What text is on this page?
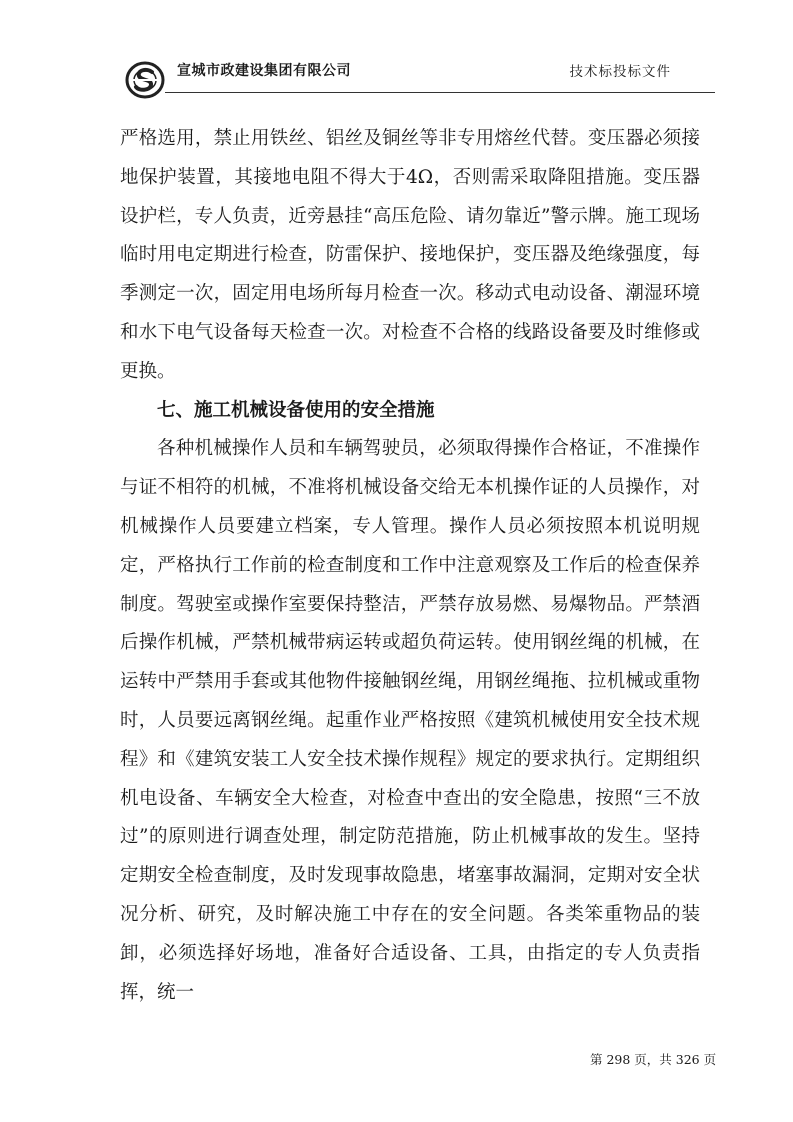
宣城市政建设集团有限公司	技术标投标文件

严格选用，禁止用铁丝、铝丝及铜丝等非专用熔丝代替。变压器必须接地保护装置，其接地电阻不得大于4Ω，否则需采取降阻措施。变压器设护栏，专人负责，近旁悬挂“高压危险、请勿靠近”警示牌。施工现场临时用电定期进行检查，防雷保护、接地保护，变压器及绝缘强度，每季测定一次，固定用电场所每月检查一次。移动式电动设备、潮湿环境和水下电气设备每天检查一次。对检查不合格的线路设备要及时维修或更换。

七、施工机械设备使用的安全措施

各种机械操作人员和车辆驾驶员，必须取得操作合格证，不准操作与证不相符的机械，不准将机械设备交给无本机操作证的人员操作，对机械操作人员要建立档案，专人管理。操作人员必须按照本机说明规定，严格执行工作前的检查制度和工作中注意观察及工作后的检查保养制度。驾驶室或操作室要保持整洁，严禁存放易燃、易爆物品。严禁酒后操作机械，严禁机械带病运转或超负荷运转。使用钢丝绳的机械，在运转中严禁用手套或其他物件接触钢丝绳，用钢丝绳拖、拉机械或重物时，人员要远离钢丝绳。起重作业严格按照《建筑机械使用安全技术规程》和《建筑安装工人安全技术操作规程》规定的要求执行。定期组织机电设备、车辆安全大检查，对检查中查出的安全隐患，按照“三不放过”的原则进行调查处理，制定防范措施，防止机械事故的发生。坚持定期安全检查制度，及时发现事故隐患，堵塞事故漏洞，定期对安全状况分析、研究，及时解决施工中存在的安全问题。各类笨重物品的装卸，必须选择好场地，准备好合适设备、工具，由指定的专人负责指挥，统一

第 298 页，共 326 页
